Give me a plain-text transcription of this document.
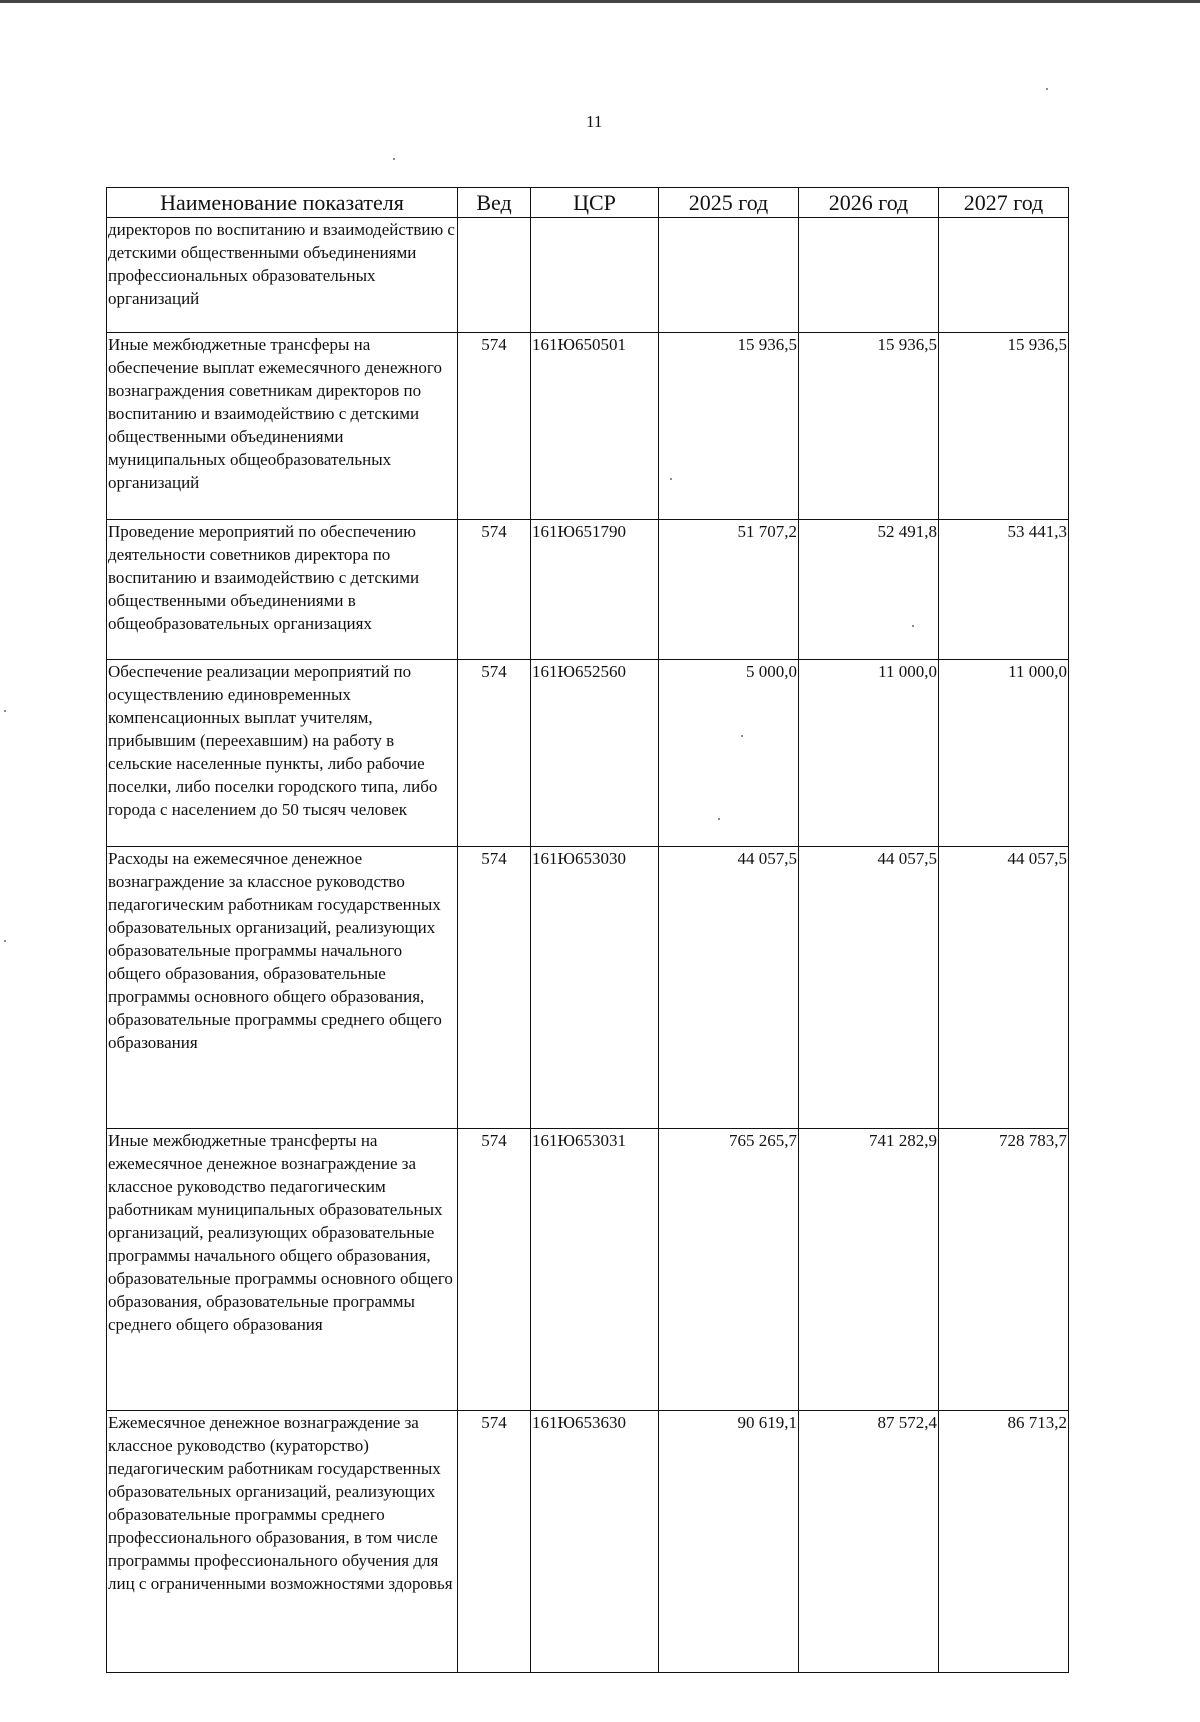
11
Наименование показателя	Вед	ЦСР	2025 год	2026 год	2027 год
директоров по воспитанию и взаимодействию с детскими общественными объединениями профессиональных образовательных организаций					
Иные межбюджетные трансферы на обеспечение выплат ежемесячного денежного вознаграждения советникам директоров по воспитанию и взаимодействию с детскими общественными объединениями муниципальных общеобразовательных организаций	574	161Ю650501	15 936,5	15 936,5	15 936,5
Проведение мероприятий по обеспечению деятельности советников директора по воспитанию и взаимодействию с детскими общественными объединениями в общеобразовательных организациях	574	161Ю651790	51 707,2	52 491,8	53 441,3
Обеспечение реализации мероприятий по осуществлению единовременных компенсационных выплат учителям, прибывшим (переехавшим) на работу в сельские населенные пункты, либо рабочие поселки, либо поселки городского типа, либо города с населением до 50 тысяч человек	574	161Ю652560	5 000,0	11 000,0	11 000,0
Расходы на ежемесячное денежное вознаграждение за классное руководство педагогическим работникам государственных образовательных организаций, реализующих образовательные программы начального общего образования, образовательные программы основного общего образования, образовательные программы среднего общего образования	574	161Ю653030	44 057,5	44 057,5	44 057,5
Иные межбюджетные трансферты на ежемесячное денежное вознаграждение за классное руководство педагогическим работникам муниципальных образовательных организаций, реализующих образовательные программы начального общего образования, образовательные программы основного общего образования, образовательные программы среднего общего образования	574	161Ю653031	765 265,7	741 282,9	728 783,7
Ежемесячное денежное вознаграждение за классное руководство (кураторство) педагогическим работникам государственных образовательных организаций, реализующих образовательные программы среднего профессионального образования, в том числе программы профессионального обучения для лиц с ограниченными возможностями здоровья	574	161Ю653630	90 619,1	87 572,4	86 713,2
